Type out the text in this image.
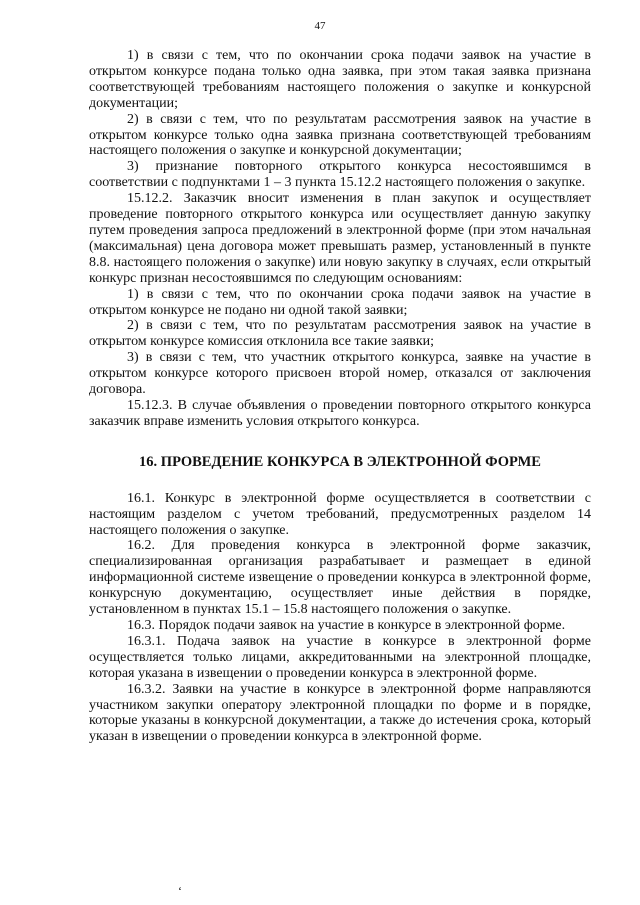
47

1) в связи с тем, что по окончании срока подачи заявок на участие в открытом конкурсе подана только одна заявка, при этом такая заявка признана соответствующей требованиям настоящего положения о закупке и конкурсной документации;

2) в связи с тем, что по результатам рассмотрения заявок на участие в открытом конкурсе только одна заявка признана соответствующей требованиям настоящего положения о закупке и конкурсной документации;

3) признание повторного открытого конкурса несостоявшимся в соответствии с подпунктами 1 – 3 пункта 15.12.2 настоящего положения о закупке.

15.12.2. Заказчик вносит изменения в план закупок и осуществляет проведение повторного открытого конкурса или осуществляет данную закупку путем проведения запроса предложений в электронной форме (при этом начальная (максимальная) цена договора может превышать размер, установленный в пункте 8.8. настоящего положения о закупке) или новую закупку в случаях, если открытый конкурс признан несостоявшимся по следующим основаниям:

1) в связи с тем, что по окончании срока подачи заявок на участие в открытом конкурсе не подано ни одной такой заявки;

2) в связи с тем, что по результатам рассмотрения заявок на участие в открытом конкурсе комиссия отклонила все такие заявки;

3) в связи с тем, что участник открытого конкурса, заявке на участие в открытом конкурсе которого присвоен второй номер, отказался от заключения договора.

15.12.3. В случае объявления о проведении повторного открытого конкурса заказчик вправе изменить условия открытого конкурса.

16. ПРОВЕДЕНИЕ КОНКУРСА В ЭЛЕКТРОННОЙ ФОРМЕ

16.1. Конкурс в электронной форме осуществляется в соответствии с настоящим разделом с учетом требований, предусмотренных разделом 14 настоящего положения о закупке.

16.2. Для проведения конкурса в электронной форме заказчик, специализированная организация разрабатывает и размещает в единой информационной системе извещение о проведении конкурса в электронной форме, конкурсную документацию, осуществляет иные действия в порядке, установленном в пунктах 15.1 – 15.8 настоящего положения о закупке.

16.3. Порядок подачи заявок на участие в конкурсе в электронной форме.

16.3.1. Подача заявок на участие в конкурсе в электронной форме осуществляется только лицами, аккредитованными на электронной площадке, которая указана в извещении о проведении конкурса в электронной форме.

16.3.2. Заявки на участие в конкурсе в электронной форме направляются участником закупки оператору электронной площадки по форме и в порядке, которые указаны в конкурсной документации, а также до истечения срока, который указан в извещении о проведении конкурса в электронной форме.

ʻ
